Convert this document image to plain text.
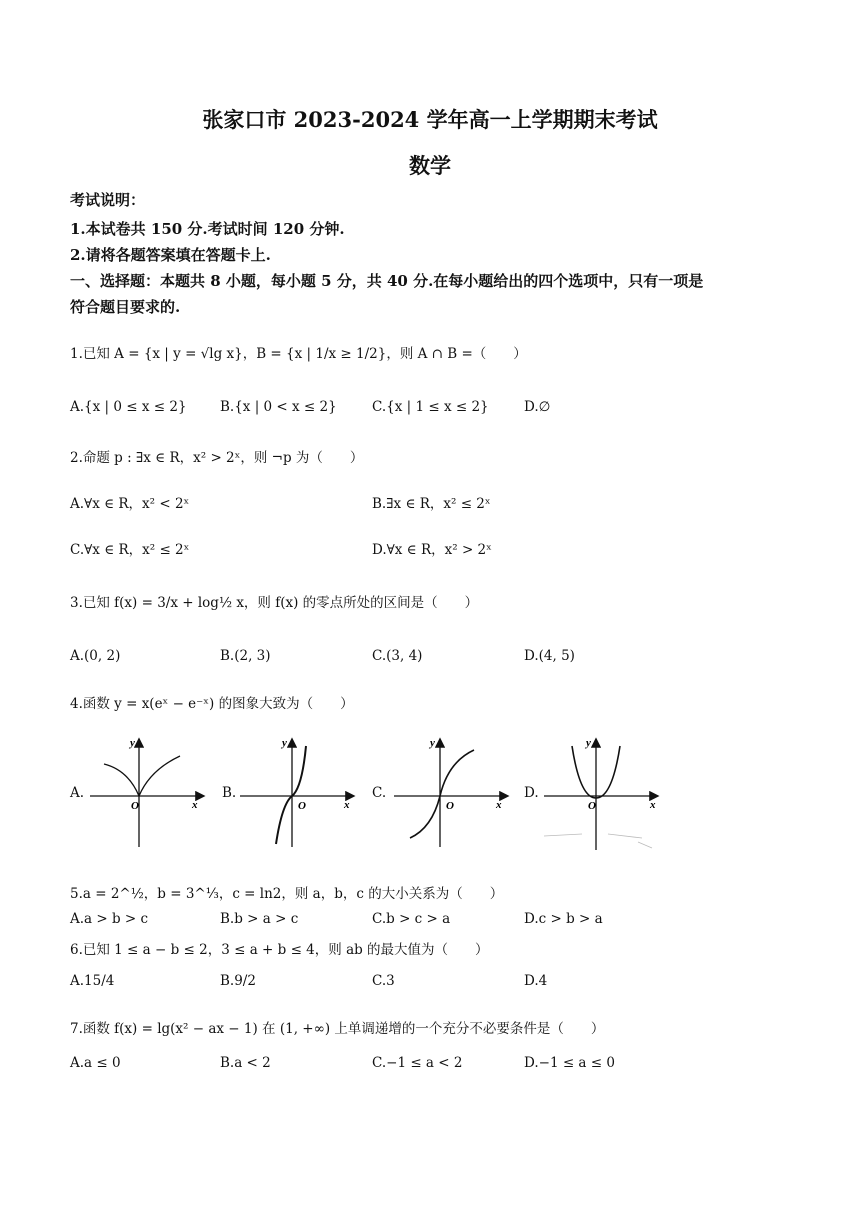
张家口市 2023-2024 学年高一上学期期末考试
数学
考试说明：
1.本试卷共 150 分.考试时间 120 分钟.
2.请将各题答案填在答题卡上.
一、选择题：本题共 8 小题，每小题 5 分，共 40 分.在每小题给出的四个选项中，只有一项是
符合题目要求的.
1.已知 A = {x | y = √lg x}，B = {x | 1/x ≥ 1/2}，则 A ∩ B =（　　）
A.{x | 0 ≤ x ≤ 2} B.{x | 0 < x ≤ 2}	C.{x | 1 ≤ x ≤ 2}	D.∅
2.命题 p : ∃x ∈ R，x² > 2ˣ，则 ¬p 为（　　）
A.∀x ∈ R，x² < 2ˣ	B.∃x ∈ R，x² ≤ 2ˣ
C.∀x ∈ R，x² ≤ 2ˣ	D.∀x ∈ R，x² > 2ˣ
3.已知 f(x) = 3/x + log½ x，则 f(x) 的零点所处的区间是（　　）
A.(0, 2)	B.(2, 3)	C.(3, 4)	D.(4, 5)
4.函数 y = x(eˣ − e⁻ˣ) 的图象大致为（　　）
A.
y
x
O
B.
y
x
O
C.
y
x
O
D.
y
x
O
5.a = 2^½，b = 3^⅓，c = ln2，则 a，b，c 的大小关系为（　　）
A.a > b > c	B.b > a > c	C.b > c > a	D.c > b > a
6.已知 1 ≤ a − b ≤ 2，3 ≤ a + b ≤ 4，则 ab 的最大值为（　　）
A.15/4	B.9/2	C.3	D.4
7.函数 f(x) = lg(x² − ax − 1) 在 (1, +∞) 上单调递增的一个充分不必要条件是（　　）
A.a ≤ 0	B.a < 2	C.−1 ≤ a < 2	D.−1 ≤ a ≤ 0
